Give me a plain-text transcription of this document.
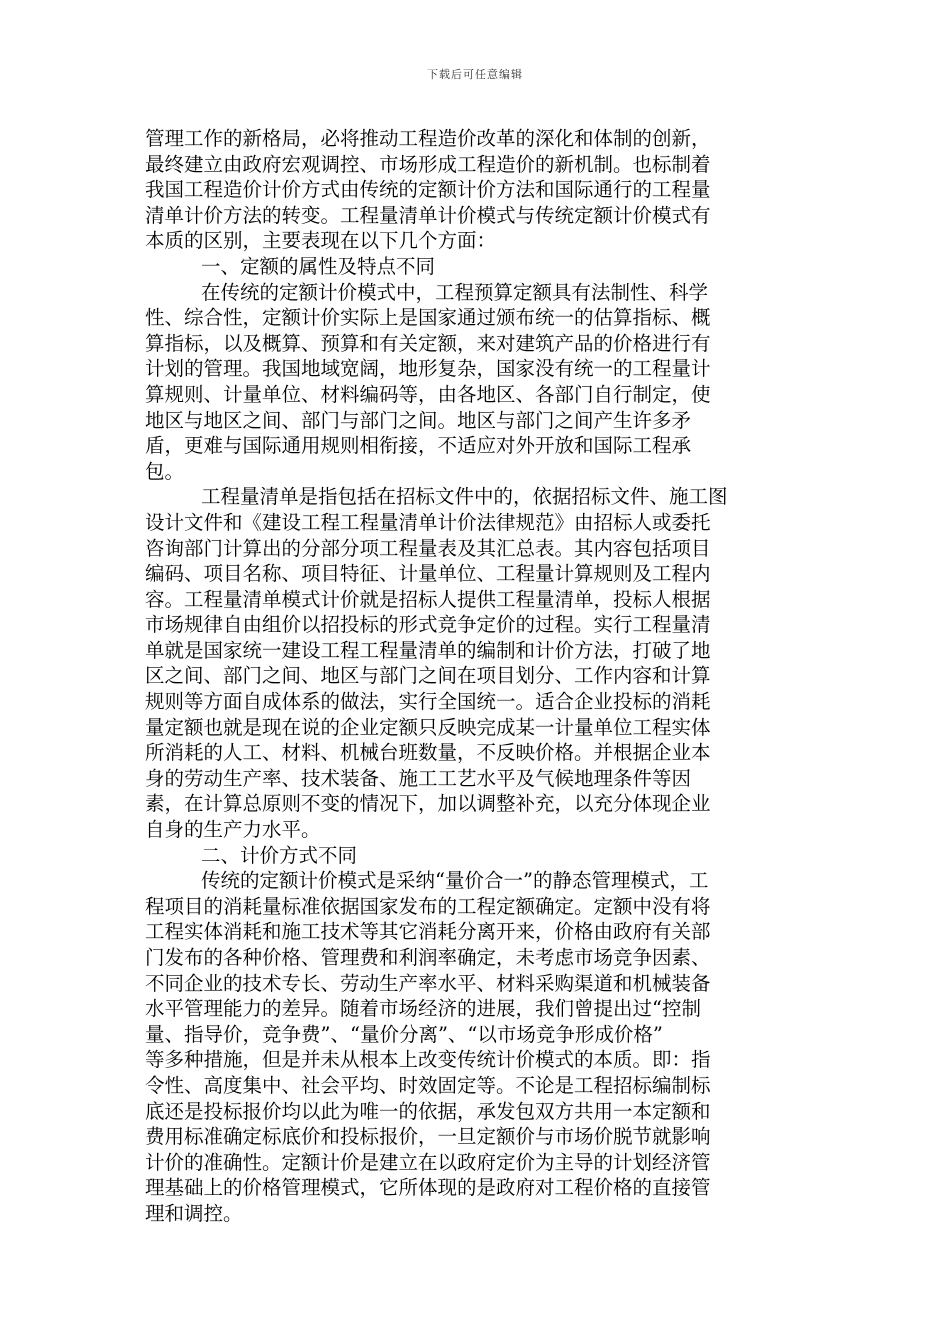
下载后可任意编辑
管理工作的新格局，必将推动工程造价改革的深化和体制的创新，
最终建立由政府宏观调控、市场形成工程造价的新机制。也标制着
我国工程造价计价方式由传统的定额计价方法和国际通行的工程量
清单计价方法的转变。工程量清单计价模式与传统定额计价模式有
本质的区别，主要表现在以下几个方面：
一、定额的属性及特点不同
在传统的定额计价模式中，工程预算定额具有法制性、科学
性、综合性，定额计价实际上是国家通过颁布统一的估算指标、概
算指标，以及概算、预算和有关定额，来对建筑产品的价格进行有
计划的管理。我国地域宽阔，地形复杂，国家没有统一的工程量计
算规则、计量单位、材料编码等，由各地区、各部门自行制定，使
地区与地区之间、部门与部门之间。地区与部门之间产生许多矛
盾，更难与国际通用规则相衔接，不适应对外开放和国际工程承
包。
工程量清单是指包括在招标文件中的，依据招标文件、施工图
设计文件和《建设工程工程量清单计价法律规范》由招标人或委托
咨询部门计算出的分部分项工程量表及其汇总表。其内容包括项目
编码、项目名称、项目特征、计量单位、工程量计算规则及工程内
容。工程量清单模式计价就是招标人提供工程量清单，投标人根据
市场规律自由组价以招投标的形式竞争定价的过程。实行工程量清
单就是国家统一建设工程工程量清单的编制和计价方法，打破了地
区之间、部门之间、地区与部门之间在项目划分、工作内容和计算
规则等方面自成体系的做法，实行全国统一。适合企业投标的消耗
量定额也就是现在说的企业定额只反映完成某一计量单位工程实体
所消耗的人工、材料、机械台班数量，不反映价格。并根据企业本
身的劳动生产率、技术装备、施工工艺水平及气候地理条件等因
素，在计算总原则不变的情况下，加以调整补充，以充分体现企业
自身的生产力水平。
二、计价方式不同
传统的定额计价模式是采纳“量价合一”的静态管理模式，工
程项目的消耗量标准依据国家发布的工程定额确定。定额中没有将
工程实体消耗和施工技术等其它消耗分离开来，价格由政府有关部
门发布的各种价格、管理费和利润率确定，未考虑市场竞争因素、
不同企业的技术专长、劳动生产率水平、材料采购渠道和机械装备
水平管理能力的差异。随着市场经济的进展，我们曾提出过“控制
量、指导价，竞争费”、“量价分离”、“以市场竞争形成价格”
等多种措施，但是并未从根本上改变传统计价模式的本质。即：指
令性、高度集中、社会平均、时效固定等。不论是工程招标编制标
底还是投标报价均以此为唯一的依据，承发包双方共用一本定额和
费用标准确定标底价和投标报价，一旦定额价与市场价脱节就影响
计价的准确性。定额计价是建立在以政府定价为主导的计划经济管
理基础上的价格管理模式，它所体现的是政府对工程价格的直接管
理和调控。
